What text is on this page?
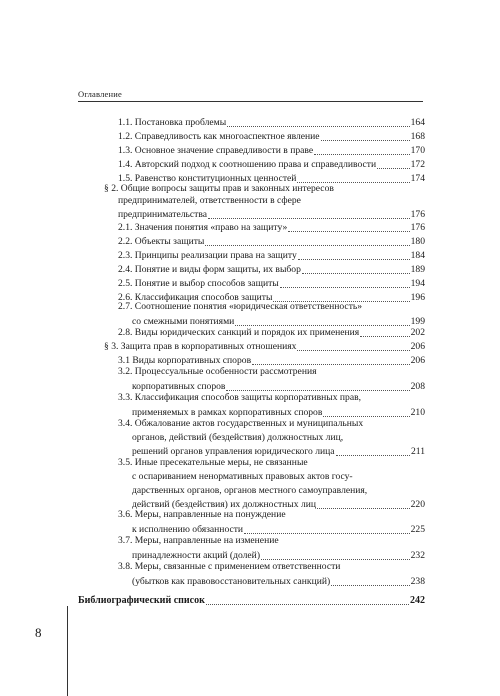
Оглавление
1.1. Постановка проблемы	164
1.2. Справедливость как многоаспектное явление	168
1.3. Основное значение справедливости в праве	170
1.4. Авторский подход к соотношению права и справедливости	172
1.5. Равенство конституционных ценностей	174
§ 2. Общие вопросы защиты прав и законных интересов
предпринимателей, ответственности в сфере
предпринимательства	176
2.1. Значения понятия «право на защиту»	176
2.2. Объекты защиты	180
2.3. Принципы реализации права на защиту	184
2.4. Понятие и виды форм защиты, их выбор	189
2.5. Понятие и выбор способов защиты	194
2.6. Классификация способов защиты	196
2.7. Соотношение понятия «юридическая ответственность»
со смежными понятиями	199
2.8. Виды юридических санкций и порядок их применения	202
§ 3. Защита прав в корпоративных отношениях	206
3.1 Виды корпоративных споров	206
3.2. Процессуальные особенности рассмотрения
корпоративных споров	208
3.3. Классификация способов защиты корпоративных прав,
применяемых в рамках корпоративных споров	210
3.4. Обжалование актов государственных и муниципальных
органов, действий (бездействия) должностных лиц,
решений органов управления юридического лица	211
3.5. Иные пресекательные меры, не связанные
с оспариванием ненормативных правовых актов госу-
дарственных органов, органов местного самоуправления,
действий (бездействия) их должностных лиц	220
3.6. Меры, направленные на понуждение
к исполнению обязанности	225
3.7. Меры, направленные на изменение
принадлежности акций (долей)	232
3.8. Меры, связанные с применением ответственности
(убытков как правовосстановительных санкций)	238
Библиографический список	242
8
